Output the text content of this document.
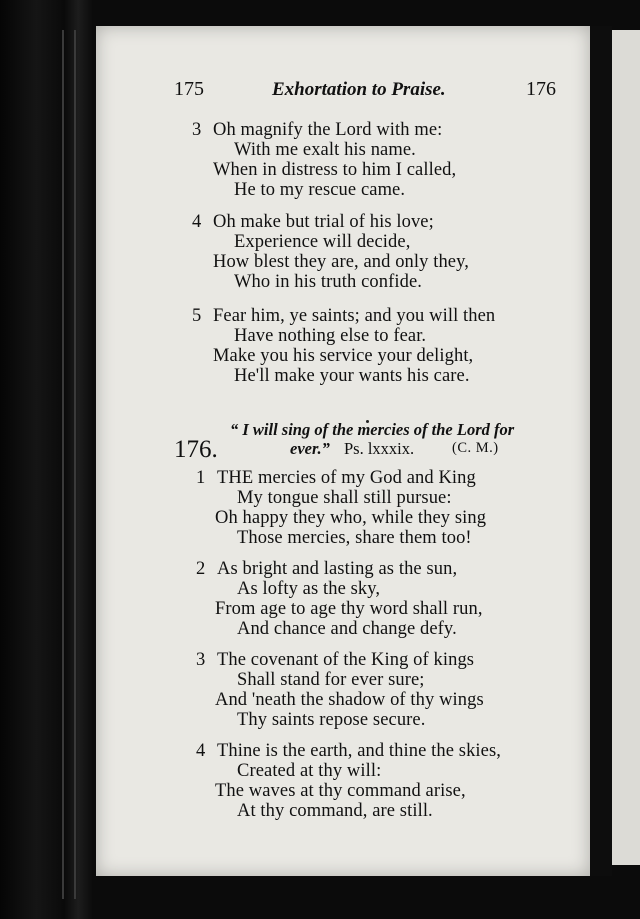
175	Exhortation to Praise.	176
3 Oh magnify the Lord with me:
With me exalt his name.
When in distress to him I called,
He to my rescue came.
4 Oh make but trial of his love;
Experience will decide,
How blest they are, and only they,
Who in his truth confide.
5 Fear him, ye saints; and you will then
Have nothing else to fear.
Make you his service your delight,
He'll make your wants his care.
176.
“ I will sing of the mercies of the Lord for
ever.” Ps. lxxxix.	(C. M.)
1 THE mercies of my God and King
My tongue shall still pursue:
Oh happy they who, while they sing
Those mercies, share them too!
2 As bright and lasting as the sun,
As lofty as the sky,
From age to age thy word shall run,
And chance and change defy.
3 The covenant of the King of kings
Shall stand for ever sure;
And 'neath the shadow of thy wings
Thy saints repose secure.
4 Thine is the earth, and thine the skies,
Created at thy will:
The waves at thy command arise,
At thy command, are still.
